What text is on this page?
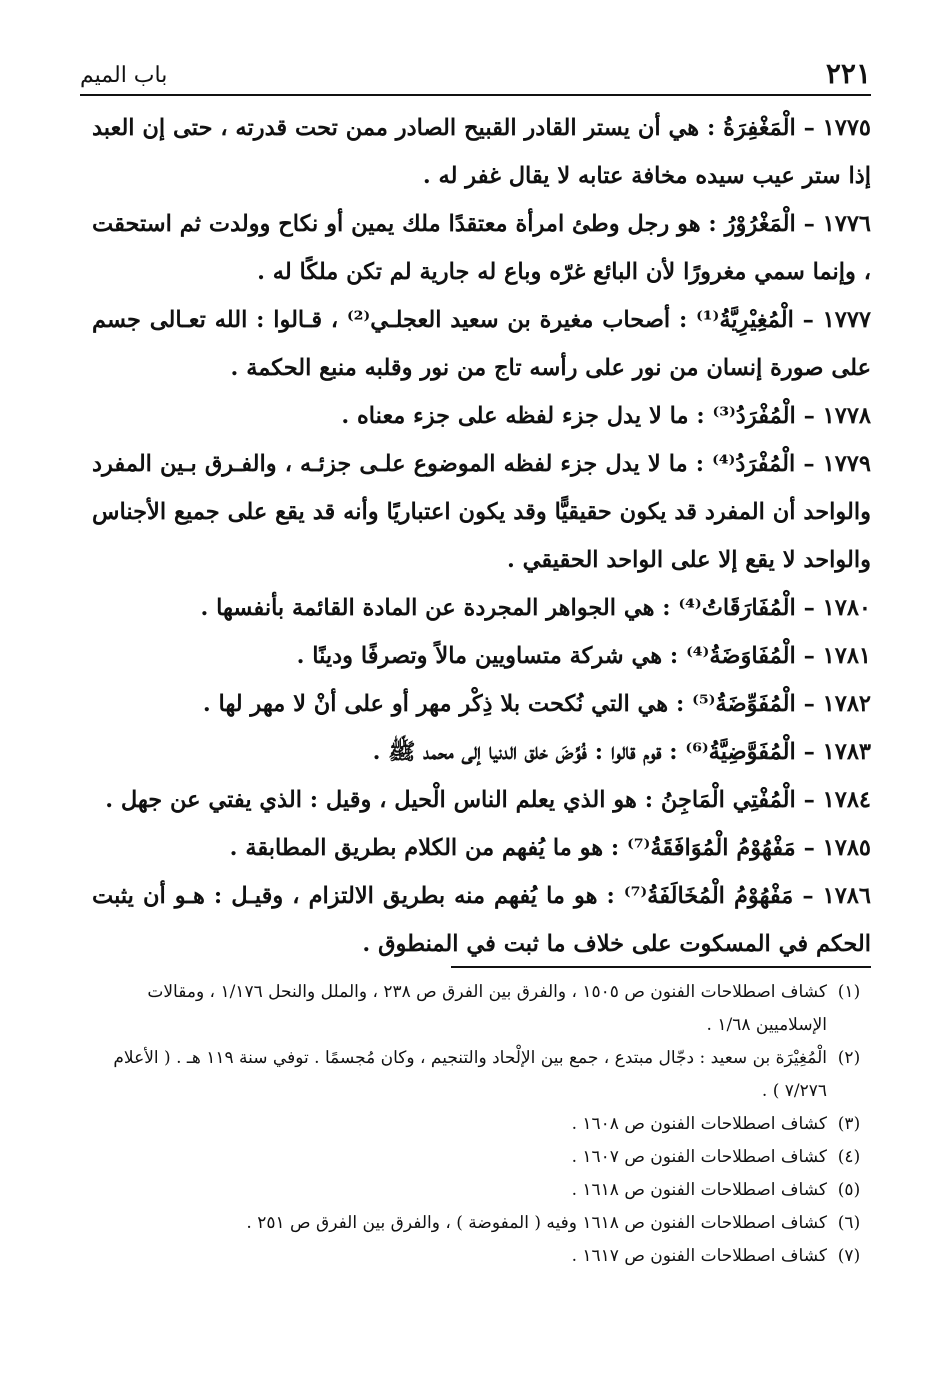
٢٢١
باب الميم

١٧٧٥ – الْمَغْفِرَةُ : هي أن يستر القادر القبيح الصادر ممن تحت قدرته ، حتى إن العبد إذا ستر عيب سيده مخافة عتابه لا يقال غفر له .

١٧٧٦ – الْمَغْرُوْرُ : هو رجل وطئ امرأة معتقدًا ملك يمين أو نكاح وولدت ثم استحقت ، وإنما سمي مغرورًا لأن البائع غرّه وباع له جارية لم تكن ملكًا له .

١٧٧٧ – الْمُغِيْرِيَّةُ⁽¹⁾ : أصحاب مغيرة بن سعيد العجلـي⁽²⁾ ، قـالوا : الله تعـالى جسم على صورة إنسان من نور على رأسه تاج من نور وقلبه منبع الحكمة .

١٧٧٨ – الْمُفْرَدُ⁽³⁾ : ما لا يدل جزء لفظه على جزء معناه .

١٧٧٩ – الْمُفْرَدُ⁽⁴⁾ : ما لا يدل جزء لفظه الموضوع علـى جزئـه ، والفـرق بـين المفرد والواحد أن المفرد قد يكون حقيقيًّا وقد يكون اعتباريًا وأنه قد يقع على جميع الأجناس والواحد لا يقع إلا على الواحد الحقيقي .

١٧٨٠ – الْمُفَارَقَاتُ⁽⁴⁾ : هي الجواهر المجردة عن المادة القائمة بأنفسها .

١٧٨١ – الْمُفَاوَضَةُ⁽⁴⁾ : هي شركة متساويين مالاً وتصرفًا ودينًا .

١٧٨٢ – الْمُفَوِّضَةُ⁽⁵⁾ : هي التي نُكحت بلا ذِكْر مهر أو على أنْ لا مهر لها .

١٧٨٣ – الْمُفَوَّضِيَّةُ⁽⁶⁾ : قوم قالوا : فُوِّضَ خلق الدنيا إلى محمد ﷺ .

١٧٨٤ – الْمُفْتِي الْمَاجِنُ : هو الذي يعلم الناس الْحيل ، وقيل : الذي يفتي عن جهل .

١٧٨٥ – مَفْهُوْمُ الْمُوَافَقَةُ⁽⁷⁾ : هو ما يُفهم من الكلام بطريق المطابقة .

١٧٨٦ – مَفْهُوْمُ الْمُخَالَفَةُ⁽⁷⁾ : هو ما يُفهم منه بطريق الالتزام ، وقيـل : هـو أن يثبت الحكم في المسكوت على خلاف ما ثبت في المنطوق .

(١)
كشاف اصطلاحات الفنون ص ١٥٠٥ ، والفرق بين الفرق ص ٢٣٨ ، والملل والنحل ١/١٧٦ ، ومقالات الإسلاميين ١/٦٨ .
(٢)
الْمُغِيْرَة بن سعيد : دجّال مبتدع ، جمع بين الإلْحاد والتنجيم ، وكان مُجسمًا . توفي سنة ١١٩ هـ . ( الأعلام ٧/٢٧٦ ) .
(٣)
كشاف اصطلاحات الفنون ص ١٦٠٨ .
(٤)
كشاف اصطلاحات الفنون ص ١٦٠٧ .
(٥)
كشاف اصطلاحات الفنون ص ١٦١٨ .
(٦)
كشاف اصطلاحات الفنون ص ١٦١٨ وفيه ( المفوضة ) ، والفرق بين الفرق ص ٢٥١ .
(٧)
كشاف اصطلاحات الفنون ص ١٦١٧ .
